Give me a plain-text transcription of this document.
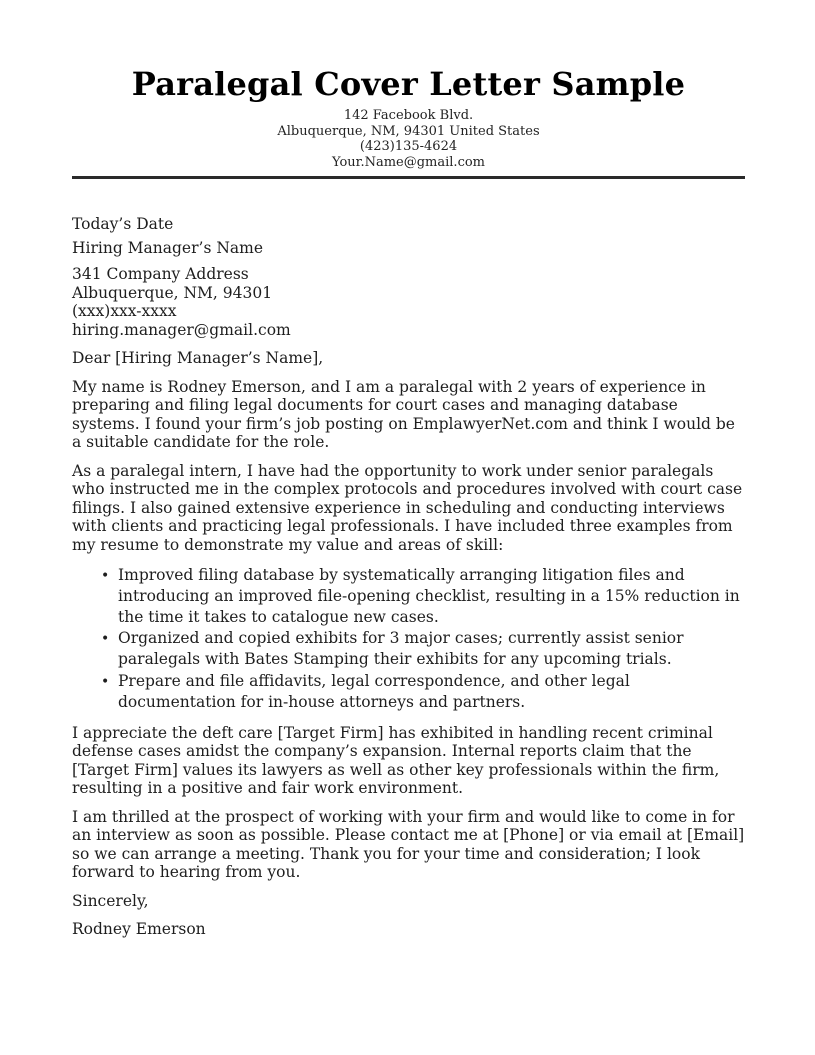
Paralegal Cover Letter Sample
142 Facebook Blvd.
Albuquerque, NM, 94301 United States
(423)135-4624
Your.Name@gmail.com

Today’s Date

Hiring Manager’s Name

341 Company Address
Albuquerque, NM, 94301
(xxx)xxx-xxxx
hiring.manager@gmail.com

Dear [Hiring Manager’s Name],

My name is Rodney Emerson, and I am a paralegal with 2 years of experience in preparing and filing legal documents for court cases and managing database systems. I found your firm’s job posting on EmplawyerNet.com and think I would be a suitable candidate for the role.

As a paralegal intern, I have had the opportunity to work under senior paralegals who instructed me in the complex protocols and procedures involved with court case filings. I also gained extensive experience in scheduling and conducting interviews with clients and practicing legal professionals. I have included three examples from my resume to demonstrate my value and areas of skill:

• Improved filing database by systematically arranging litigation files and introducing an improved file-opening checklist, resulting in a 15% reduction in the time it takes to catalogue new cases.
• Organized and copied exhibits for 3 major cases; currently assist senior paralegals with Bates Stamping their exhibits for any upcoming trials.
• Prepare and file affidavits, legal correspondence, and other legal documentation for in-house attorneys and partners.

I appreciate the deft care [Target Firm] has exhibited in handling recent criminal defense cases amidst the company’s expansion. Internal reports claim that the [Target Firm] values its lawyers as well as other key professionals within the firm, resulting in a positive and fair work environment.

I am thrilled at the prospect of working with your firm and would like to come in for an interview as soon as possible. Please contact me at [Phone] or via email at [Email] so we can arrange a meeting. Thank you for your time and consideration; I look forward to hearing from you.

Sincerely,

Rodney Emerson
